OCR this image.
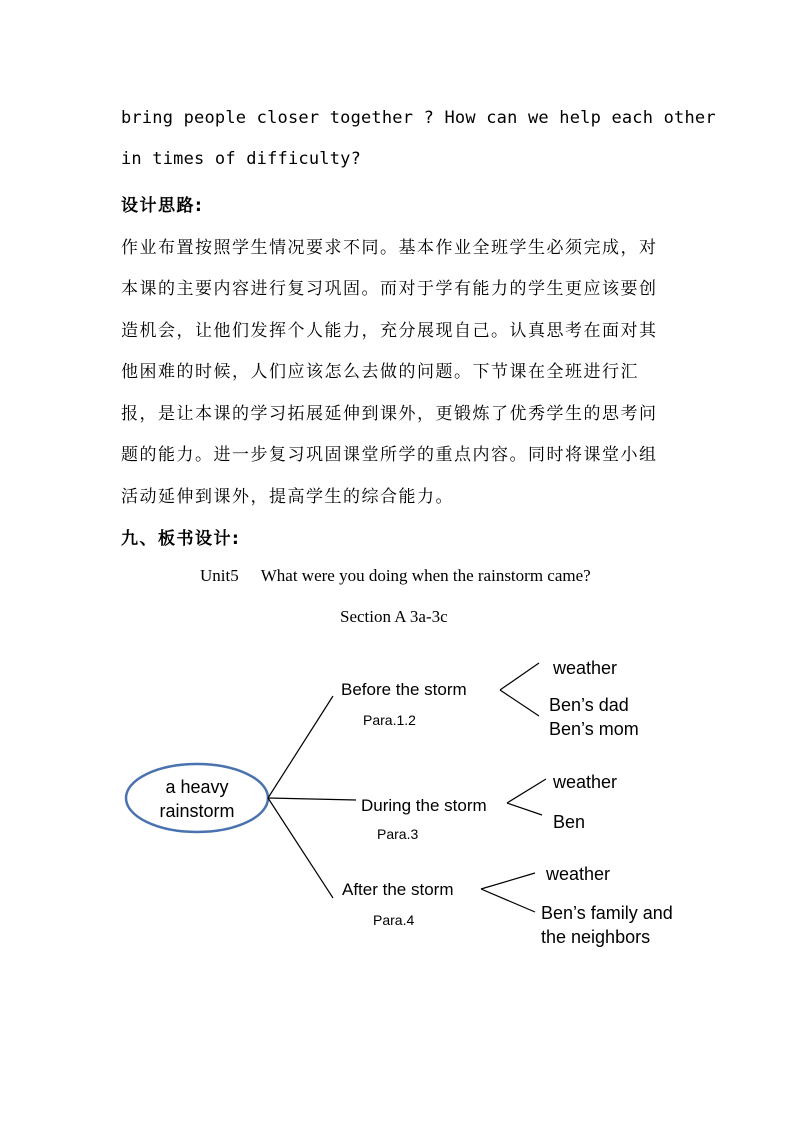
bring people closer together ? How can we help each other
in times of difficulty?
设计思路:
作业布置按照学生情况要求不同。基本作业全班学生必须完成，对
本课的主要内容进行复习巩固。而对于学有能力的学生更应该要创
造机会，让他们发挥个人能力，充分展现自己。认真思考在面对其
他困难的时候，人们应该怎么去做的问题。下节课在全班进行汇
报，是让本课的学习拓展延伸到课外，更锻炼了优秀学生的思考问
题的能力。进一步复习巩固课堂所学的重点内容。同时将课堂小组
活动延伸到课外，提高学生的综合能力。
九、板书设计:
Unit5 What were you doing when the rainstorm came?
Section A 3a-3c
a heavy
rainstorm
Before the storm
Para.1.2
weather
Ben’s dad
Ben’s mom
During the storm
Para.3
weather
Ben
After the storm
Para.4
weather
Ben’s family and
the neighbors
